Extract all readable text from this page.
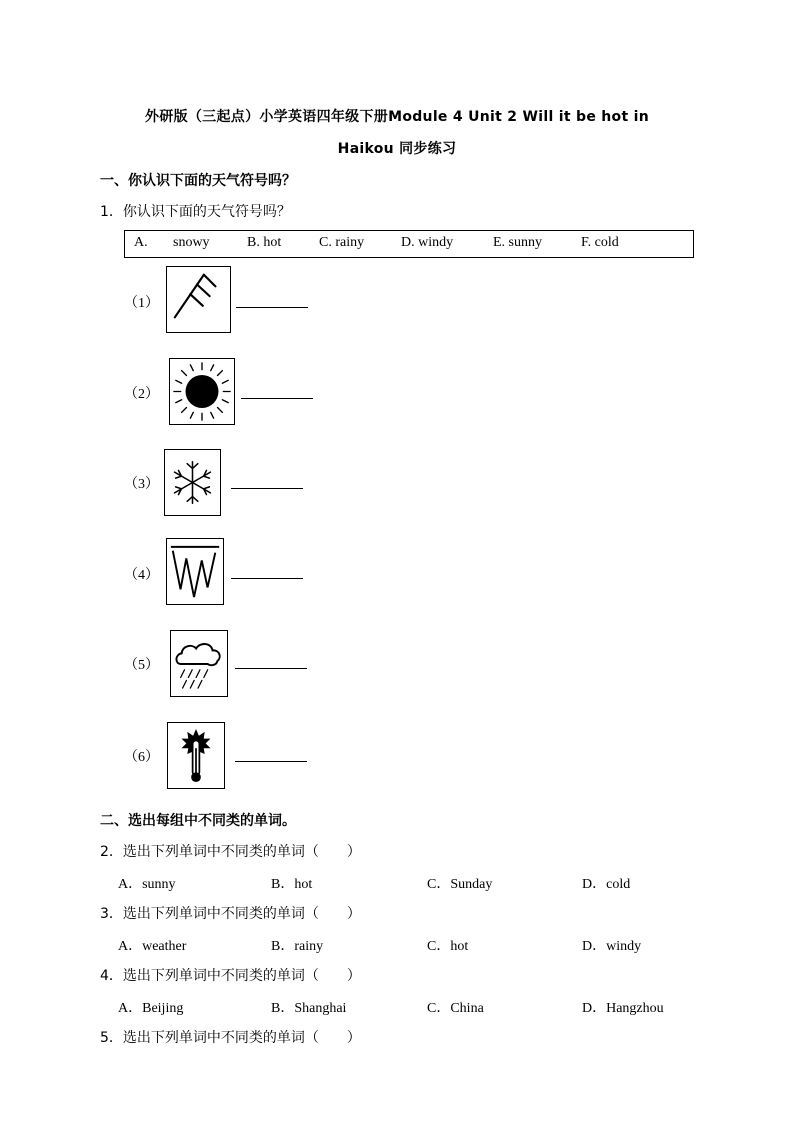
外研版（三起点）小学英语四年级下册Module 4 Unit 2 Will it be hot in
Haikou 同步练习
一、你认识下面的天气符号吗？
1．你认识下面的天气符号吗？
A. snowy	B. hot	C. rainy	D. windy	E. sunny	F. cold
（1）
（2）
（3）
（4）
（5）
（6）
二、选出每组中不同类的单词。
2．选出下列单词中不同类的单词（　　）
A．sunny	B．hot	C．Sunday	D．cold
3．选出下列单词中不同类的单词（　　）
A．weather	B．rainy	C．hot	D．windy
4．选出下列单词中不同类的单词（　　）
A．Beijing	B．Shanghai	C．China	D．Hangzhou
5．选出下列单词中不同类的单词（　　）
